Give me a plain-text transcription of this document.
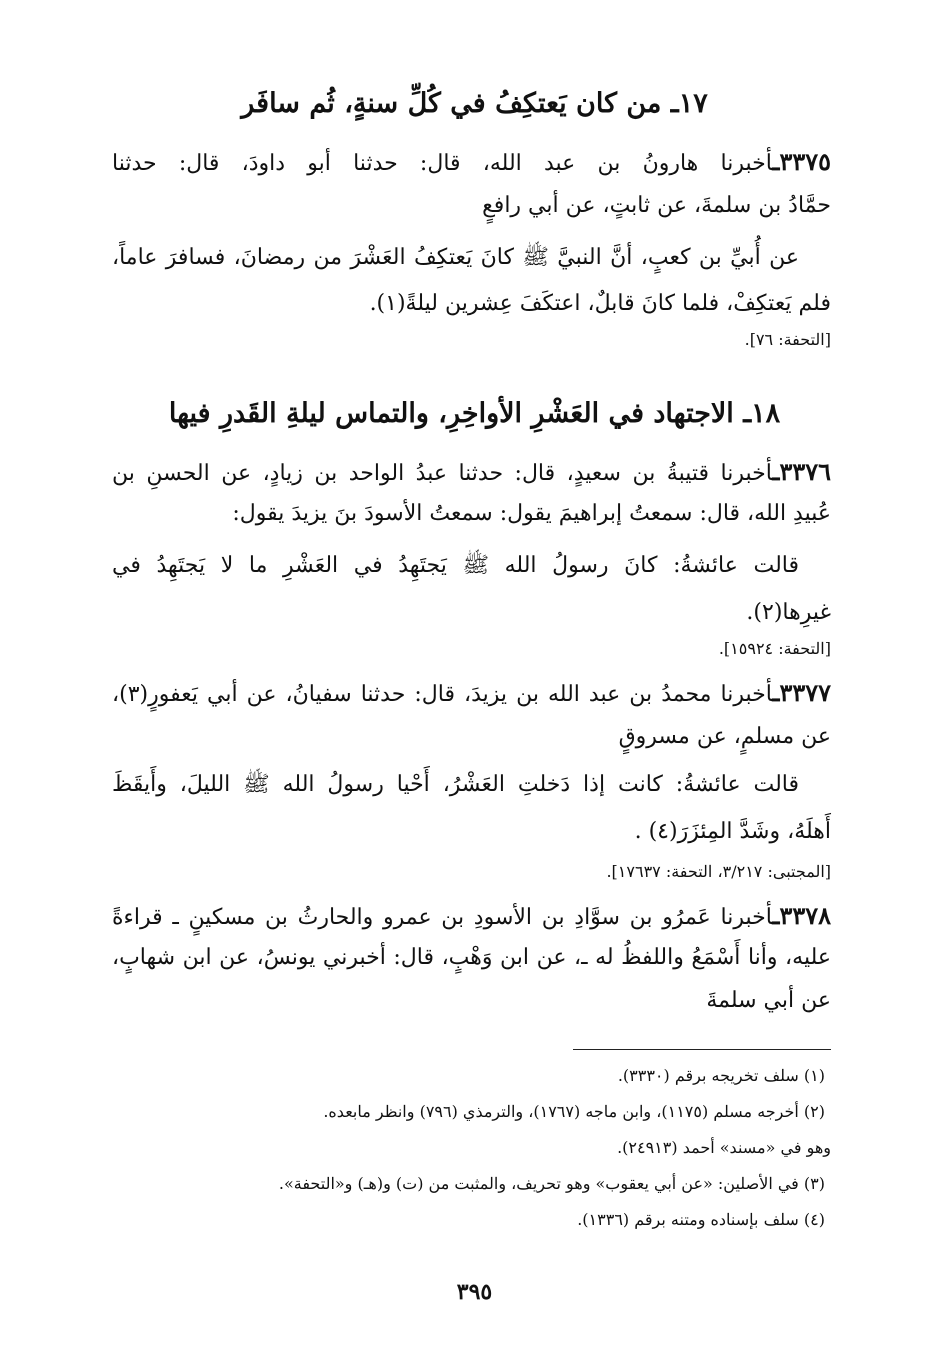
١٧ـ من كان يَعتكِفُ في كُلِّ سنةٍ، ثُم سافَر
٣٣٧٥ـأخبرنا هارونُ بن عبد الله، قال: حدثنا أبو داودَ، قال: حدثنا
حمَّادُ بن سلمةَ، عن ثابتٍ، عن أبي رافعٍ
عن أُبيِّ بن كعبٍ، أنَّ النبيَّ ﷺ كانَ يَعتكِفُ العَشْرَ من رمضانَ، فسافرَ عاماً،
فلم يَعتكِفْ، فلما كانَ قابلٌ، اعتكَفَ عِشرين ليلةً(١).
[التحفة: ٧٦].
١٨ـ الاجتهاد في العَشْرِ الأواخِرِ، والتماس ليلةِ القَدرِ فيها
٣٣٧٦ـأخبرنا قتيبةُ بن سعيدٍ، قال: حدثنا عبدُ الواحد بن زيادٍ، عن الحسنِ بن
عُبيدِ الله، قال: سمعتُ إبراهيمَ يقول: سمعتُ الأسودَ بنَ يزيدَ يقول:
قالت عائشةُ: كانَ رسولُ الله ﷺ يَجتَهِدُ في العَشْرِ ما لا يَجتَهِدُ في
غيرِها(٢).
[التحفة: ١٥٩٢٤].
٣٣٧٧ـأخبرنا محمدُ بن عبد الله بن يزيدَ، قال: حدثنا سفيانُ، عن أبي يَعفورٍ(٣)،
عن مسلمٍ، عن مسروقٍ
قالت عائشةُ: كانت إذا دَخلتِ العَشْرُ، أَحْيا رسولُ الله ﷺ الليلَ، وأَيقَظَ
أَهلَهُ، وشَدَّ المِئزَرَ(٤) .
[المجتبى: ٣/٢١٧، التحفة: ١٧٦٣٧].
٣٣٧٨ـأخبرنا عَمرُو بن سوَّادِ بن الأسودِ بن عمرو والحارثُ بن مسكينٍ ـ قراءةً
عليه، وأنا أَسْمَعُ واللفظُ له ـ، عن ابن وَهْبٍ، قال: أخبرني يونسُ، عن ابن شهابٍ،
عن أبي سلمةَ
(١) سلف تخريجه برقم (٣٣٣٠).
(٢) أخرجه مسلم (١١٧٥)، وابن ماجه (١٧٦٧)، والترمذي (٧٩٦) وانظر مابعده.
وهو في «مسند» أحمد (٢٤٩١٣).
(٣) في الأصلين: «عن أبي يعقوب» وهو تحريف، والمثبت من (ت) و(هـ) و«التحفة».
(٤) سلف بإسناده ومتنه برقم (١٣٣٦).
٣٩٥
